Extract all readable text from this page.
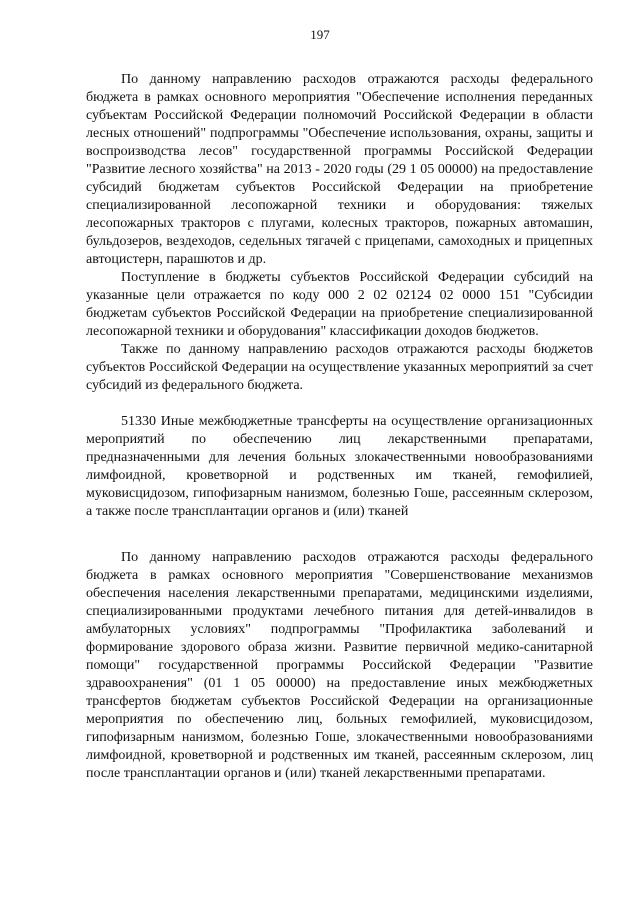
197

По данному направлению расходов отражаются расходы федерального бюджета в рамках основного мероприятия "Обеспечение исполнения переданных субъектам Российской Федерации полномочий Российской Федерации в области лесных отношений" подпрограммы "Обеспечение использования, охраны, защиты и воспроизводства лесов" государственной программы Российской Федерации "Развитие лесного хозяйства" на 2013 - 2020 годы (29 1 05 00000) на предоставление субсидий бюджетам субъектов Российской Федерации на приобретение специализированной лесопожарной техники и оборудования: тяжелых лесопожарных тракторов с плугами, колесных тракторов, пожарных автомашин, бульдозеров, вездеходов, седельных тягачей с прицепами, самоходных и прицепных автоцистерн, парашютов и др.

Поступление в бюджеты субъектов Российской Федерации субсидий на указанные цели отражается по коду 000 2 02 02124 02 0000 151 "Субсидии бюджетам субъектов Российской Федерации на приобретение специализированной лесопожарной техники и оборудования" классификации доходов бюджетов.

Также по данному направлению расходов отражаются расходы бюджетов субъектов Российской Федерации на осуществление указанных мероприятий за счет субсидий из федерального бюджета.

51330 Иные межбюджетные трансферты на осуществление организационных мероприятий по обеспечению лиц лекарственными препаратами, предназначенными для лечения больных злокачественными новообразованиями лимфоидной, кроветворной и родственных им тканей, гемофилией, муковисцидозом, гипофизарным нанизмом, болезнью Гоше, рассеянным склерозом, а также после трансплантации органов и (или) тканей

По данному направлению расходов отражаются расходы федерального бюджета в рамках основного мероприятия "Совершенствование механизмов обеспечения населения лекарственными препаратами, медицинскими изделиями, специализированными продуктами лечебного питания для детей-инвалидов в амбулаторных условиях" подпрограммы "Профилактика заболеваний и формирование здорового образа жизни. Развитие первичной медико-санитарной помощи" государственной программы Российской Федерации "Развитие здравоохранения" (01 1 05 00000) на предоставление иных межбюджетных трансфертов бюджетам субъектов Российской Федерации на организационные мероприятия по обеспечению лиц, больных гемофилией, муковисцидозом, гипофизарным нанизмом, болезнью Гоше, злокачественными новообразованиями лимфоидной, кроветворной и родственных им тканей, рассеянным склерозом, лиц после трансплантации органов и (или) тканей лекарственными препаратами.
